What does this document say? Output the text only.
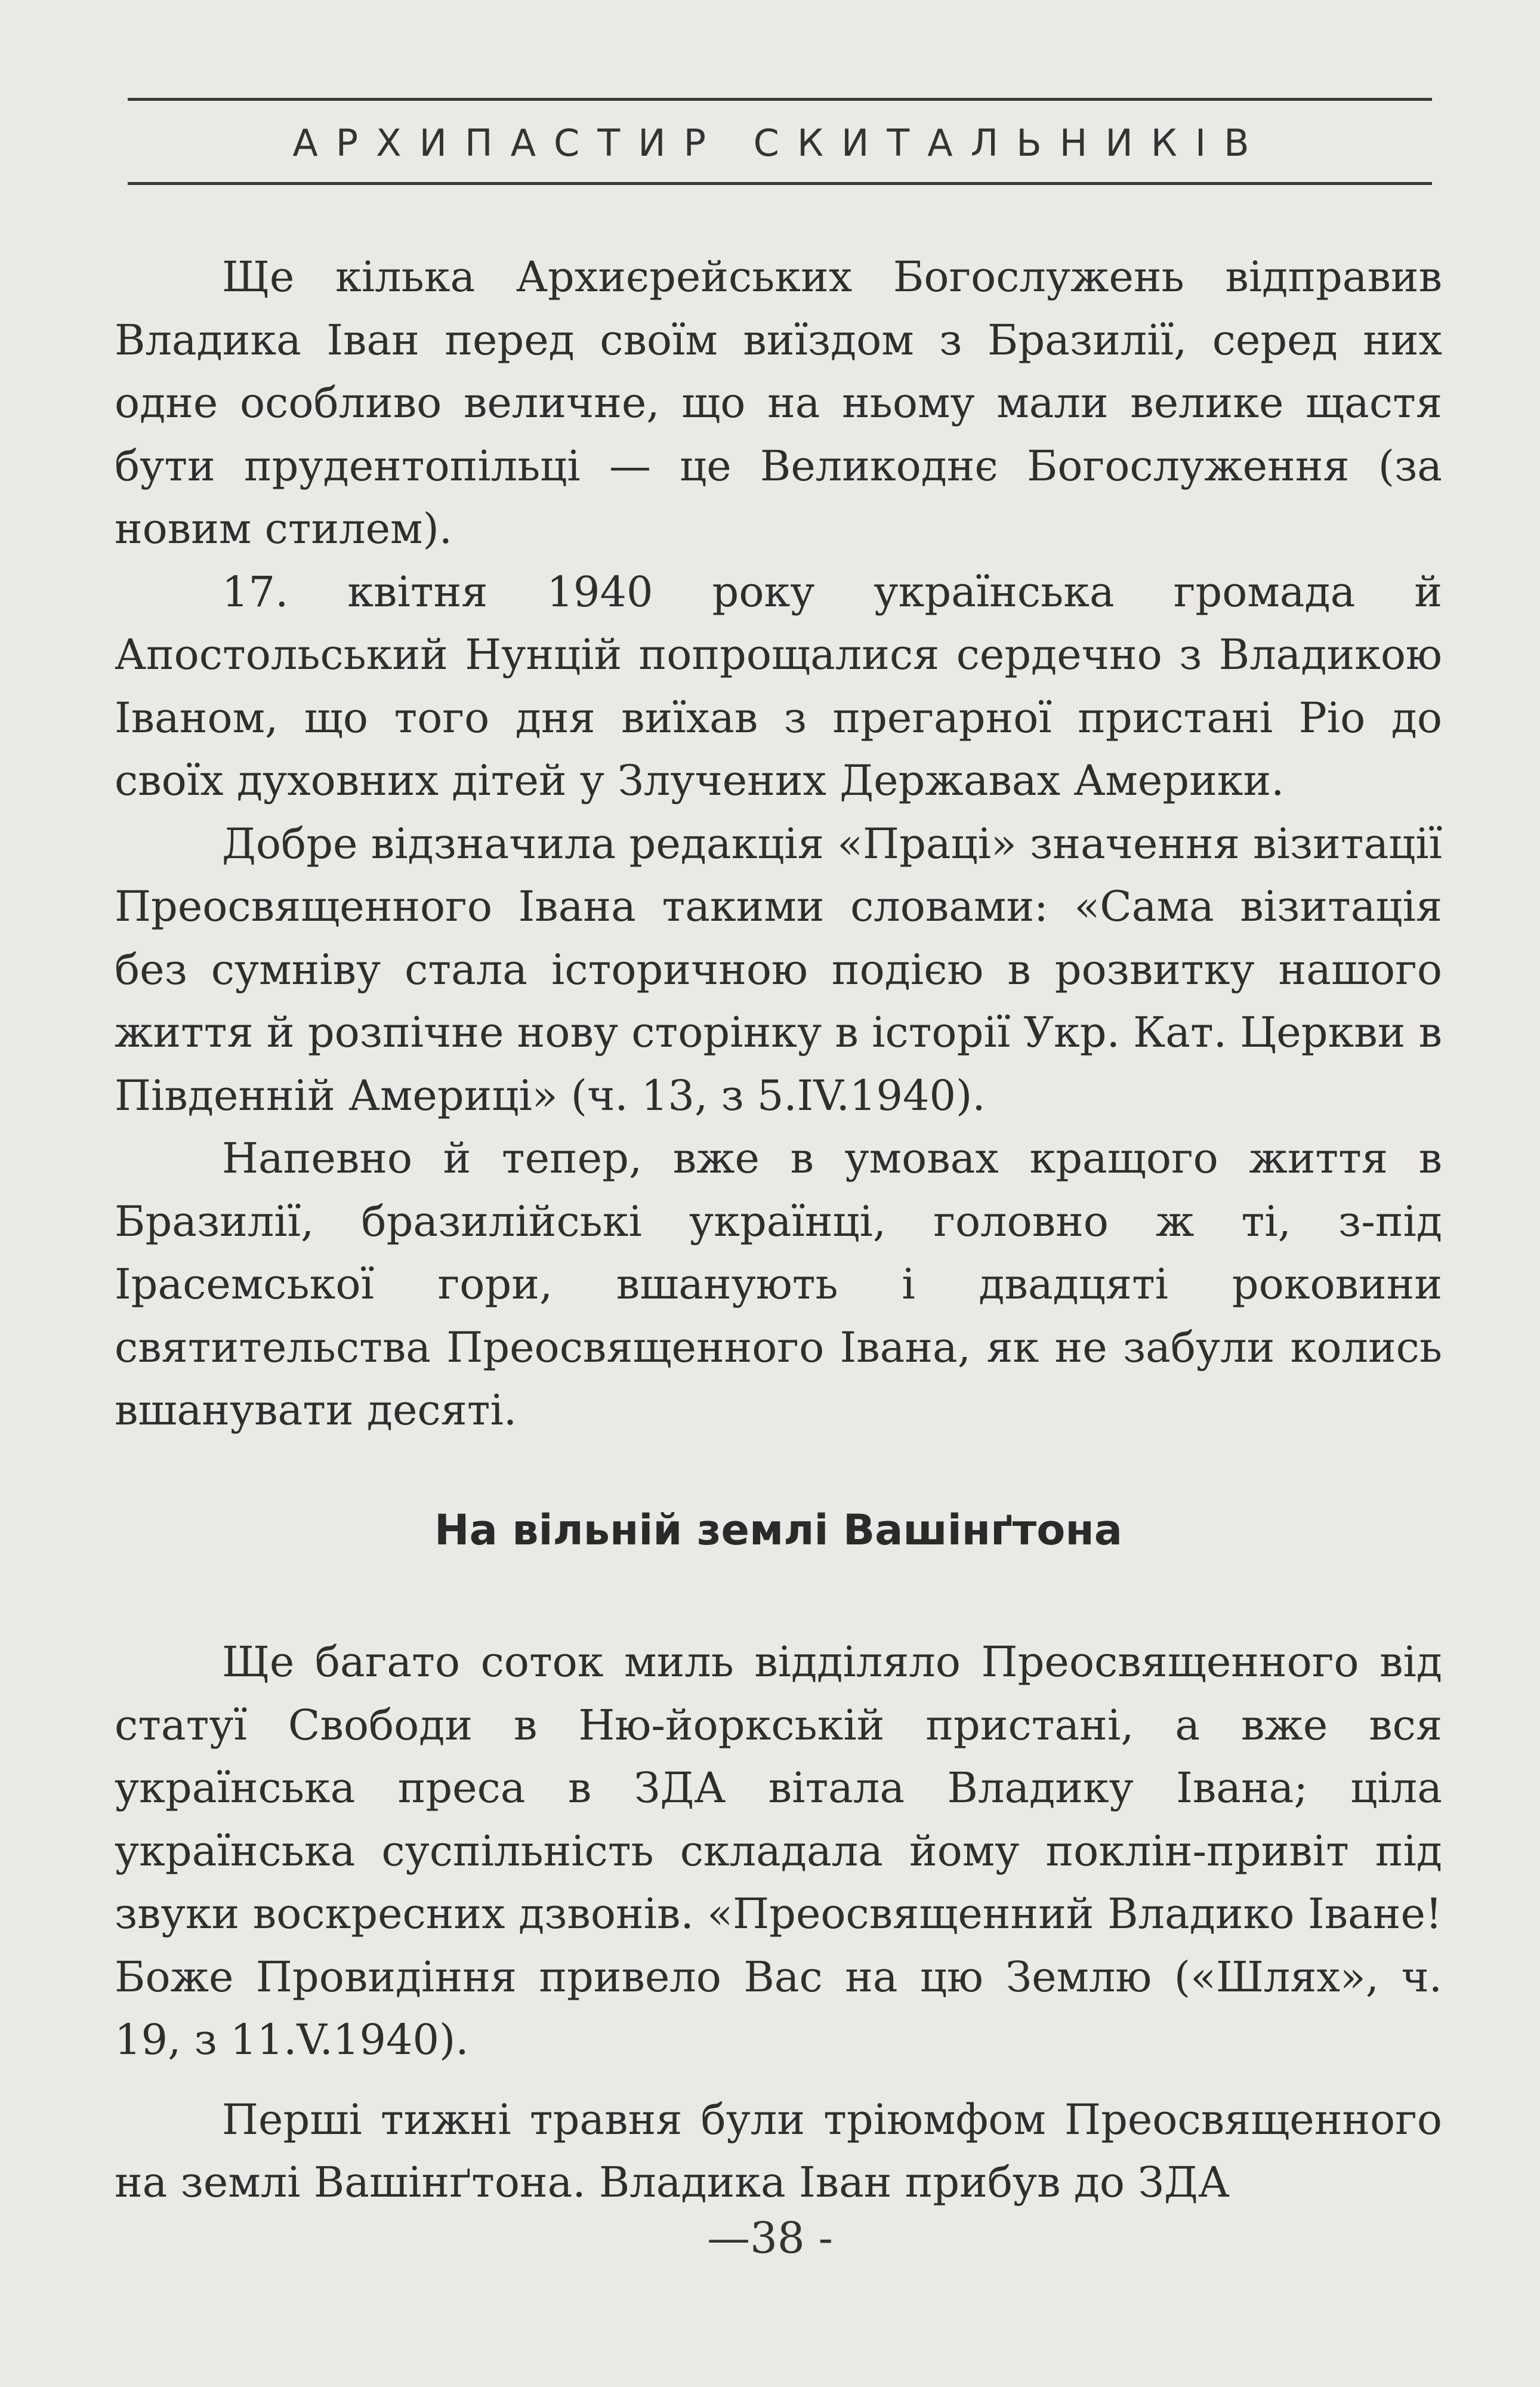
АРХИПАСТИР СКИТАЛЬНИКІВ

Ще кілька Архиєрейських Богослужень відправив Владика Іван перед своїм виїздом з Бразилії, серед них одне особливо величне, що на ньому мали велике щастя бути прудентопільці — це Великоднє Богослуження (за новим стилем).

17. квітня 1940 року українська громада й Апостольський Нунцій попрощалися сердечно з Владикою Іваном, що того дня виїхав з прегарної пристані Ріо до своїх духовних дітей у Злучених Державах Америки.

Добре відзначила редакція «Праці» значення візитації Преосвященного Івана такими словами: «Сама візитація без сумніву стала історичною подією в розвитку нашого життя й розпічне нову сторінку в історії Укр. Кат. Церкви в Південній Америці» (ч. 13, з 5.IV.1940).

Напевно й тепер, вже в умовах кращого життя в Бразилії, бразилійські українці, головно ж ті, з-під Ірасемської гори, вшанують і двадцяті роковини святительства Преосвященного Івана, як не забули колись вшанувати десяті.

На вільній землі Вашінґтона

Ще багато соток миль відділяло Преосвященного від статуї Свободи в Ню-йоркській пристані, а вже вся українська преса в ЗДА вітала Владику Івана; ціла українська суспільність складала йому поклін-привіт під звуки воскресних дзвонів. «Преосвященний Владико Іване! Боже Провидіння привело Вас на цю Землю («Шлях», ч. 19, з 11.V.1940).

Перші тижні травня були тріюмфом Преосвященного на землі Вашінґтона. Владика Іван прибув до ЗДА

—38 -
